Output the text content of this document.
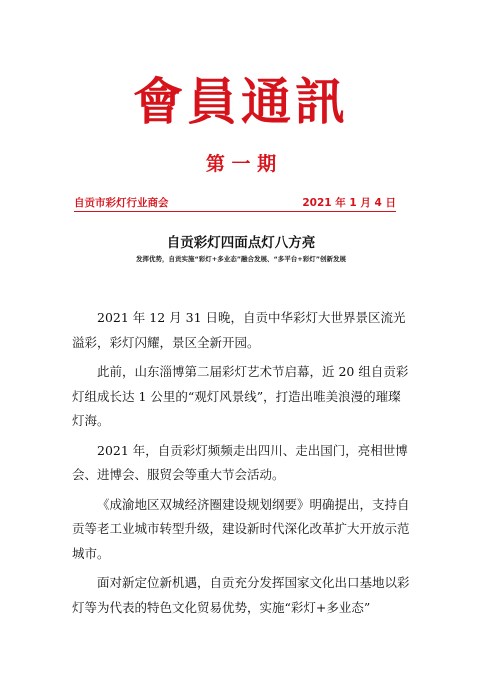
會員通訊
第 一 期
自贡市彩灯行业商会	2021 年 1 月 4 日
自贡彩灯四面点灯八方亮
发挥优势，自贡实施“彩灯+多业态”融合发展、“多平台+彩灯”创新发展

2021 年 12 月 31 日晚，自贡中华彩灯大世界景区流光溢彩，彩灯闪耀，景区全新开园。

此前，山东淄博第二届彩灯艺术节启幕，近 20 组自贡彩灯组成长达 1 公里的“观灯风景线”，打造出唯美浪漫的璀璨灯海。

2021 年，自贡彩灯频频走出四川、走出国门，亮相世博会、进博会、服贸会等重大节会活动。

《成渝地区双城经济圈建设规划纲要》明确提出，支持自贡等老工业城市转型升级，建设新时代深化改革扩大开放示范城市。

面对新定位新机遇，自贡充分发挥国家文化出口基地以彩灯等为代表的特色文化贸易优势，实施“彩灯+多业态”
